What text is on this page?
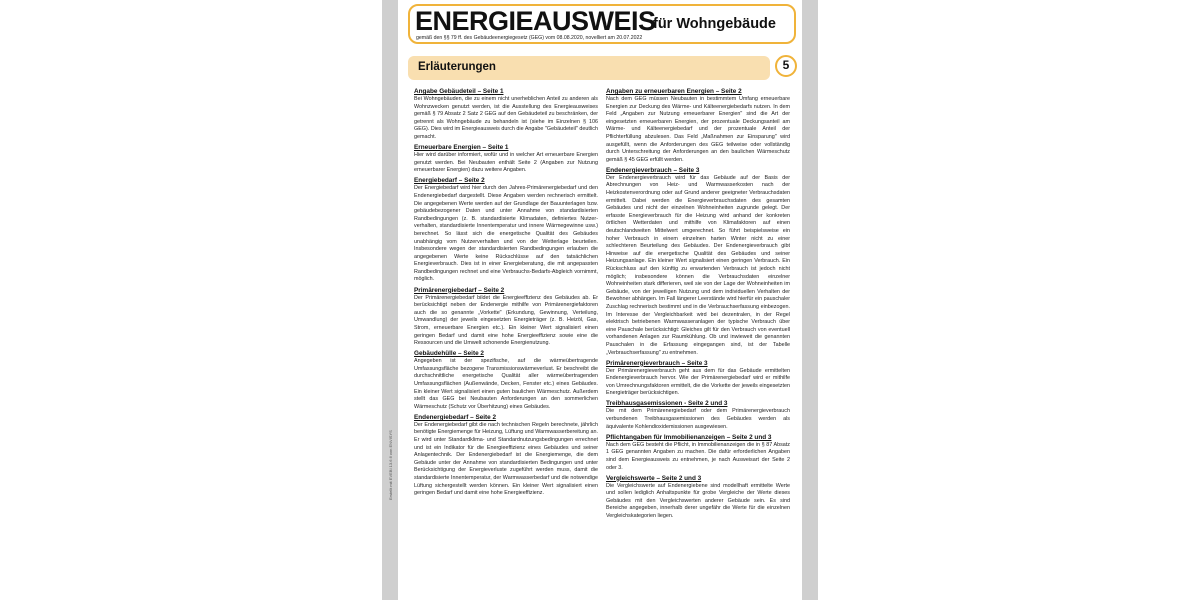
ENERGIEAUSWEIS
für Wohngebäude
gemäß den §§ 79 ff. des Gebäudeenergiegesetz (GEG) vom 08.08.2020, novelliert am 20.07.2022
Erläuterungen	5
Angabe Gebäudeteil – Seite 1

Bei Wohngebäuden, die zu einem nicht unerheblichen Anteil zu anderen als Wohnzwecken genutzt werden, ist die Ausstellung des Energieausweises gemäß § 79 Absatz 2 Satz 2 GEG auf den Gebäudeteil zu beschränken, der getrennt als Wohngebäude zu behandeln ist (siehe im Einzelnen § 106 GEG). Dies wird im Energieausweis durch die Angabe "Gebäudeteil" deutlich gemacht.

Erneuerbare Energien – Seite 1

Hier wird darüber informiert, wofür und in welcher Art erneuerbare Energien genutzt werden. Bei Neubauten enthält Seite 2 (Angaben zur Nutzung erneuerbarer Energien) dazu weitere Angaben.

Energiebedarf – Seite 2

Der Energiebedarf wird hier durch den Jahres-Primärenergiebedarf und den Endenergiebedarf dargestellt. Diese Angaben werden rechnerisch ermittelt. Die angegebenen Werte werden auf der Grundlage der Bauunterlagen bzw. gebäudebezogener Daten und unter Annahme von standardisierten Randbedingungen (z. B. standardisierte Klimadaten, definiertes Nutzer-verhalten, standardisierte Innentemperatur und innere Wärmegewinne usw.) berechnet. So lässt sich die energetische Qualität des Gebäudes unabhängig vom Nutzerverhalten und von der Wetterlage beurteilen. Insbesondere wegen der standardisierten Randbedingungen erlauben die angegebenen Werte keine Rückschlüsse auf den tatsächlichen Energieverbrauch. Dies ist in einer Energieberatung, die mit angepassten Randbedingungen rechnet und eine Verbrauchs-Bedarfs-Abgleich vornimmt, möglich.

Primärenergiebedarf – Seite 2

Der Primärenergiebedarf bildet die Energieeffizienz des Gebäudes ab. Er berücksichtigt neben der Endenergie mithilfe von Primärenergiefaktoren auch die so genannte „Vorkette" (Erkundung, Gewinnung, Verteilung, Umwandlung) der jeweils eingesetzten Energieträger (z. B. Heizöl, Gas, Strom, erneuerbare Energien etc.). Ein kleiner Wert signalisiert einen geringen Bedarf und damit eine hohe Energieeffizienz sowie eine die Ressourcen und die Umwelt schonende Energienutzung.

Gebäudehülle – Seite 2

Angegeben ist der spezifische, auf die wärmeübertragende Umfassungsfläche bezogene Transmissionswärmeverlust. Er beschreibt die durchschnittliche energetische Qualität aller wärmeübertragenden Umfassungsflächen (Außenwände, Decken, Fenster etc.) eines Gebäudes. Ein kleiner Wert signalisiert einen guten baulichen Wärmeschutz. Außerdem stellt das GEG bei Neubauten Anforderungen an den sommerlichen Wärmeschutz (Schutz vor Überhitzung) eines Gebäudes.

Endenergiebedarf – Seite 2

Der Endenergiebedarf gibt die nach technischen Regeln berechnete, jährlich benötigte Energiemenge für Heizung, Lüftung und Warmwasserbereitung an. Er wird unter Standardklima- und Standardnutzungsbedingungen errechnet und ist ein Indikator für die Energieeffizienz eines Gebäudes und seiner Anlagentechnik. Der Endenergiebedarf ist die Energiemenge, die dem Gebäude unter der Annahme von standardisierten Bedingungen und unter Berücksichtigung der Energieverluste zugeführt werden muss, damit die standardisierte Innentemperatur, der Warmwasserbedarf und die notwendige Lüftung sichergestellt werden können. Ein kleiner Wert signalisiert einen geringen Bedarf und damit eine hohe Energieeffizienz.

Angaben zu erneuerbaren Energien – Seite 2

Nach dem GEG müssen Neubauten in bestimmtem Umfang erneuerbare Energien zur Deckung des Wärme- und Kälteenergiebedarfs nutzen. In dem Feld „Angaben zur Nutzung erneuerbarer Energien" sind die Art der eingesetzten erneuerbaren Energien, der prozentuale Deckungsanteil am Wärme- und Kälteenergiebedarf und der prozentuale Anteil der Pflichterfüllung abzulesen. Das Feld „Maßnahmen zur Einsparung" wird ausgefüllt, wenn die Anforderungen des GEG teilweise oder vollständig durch Unterschreitung der Anforderungen an den baulichen Wärmeschutz gemäß § 45 GEG erfüllt werden.

Endenergieverbrauch – Seite 3

Der Endenergieverbrauch wird für das Gebäude auf der Basis der Abrechnungen von Heiz- und Warmwasserkosten nach der Heizkostenverordnung oder auf Grund anderer geeigneter Verbrauchsdaten ermittelt. Dabei werden die Energieverbrauchsdaten des gesamten Gebäudes und nicht der einzelnen Wohneinheiten zugrunde gelegt. Der erfasste Energieverbrauch für die Heizung wird anhand der konkreten örtlichen Wetterdaten und mithilfe von Klimafaktoren auf einen deutschlandweiten Mittelwert umgerechnet. So führt beispielsweise ein hoher Verbrauch in einem einzelnen harten Winter nicht zu einer schlechteren Beurteilung des Gebäudes. Der Endenergieverbrauch gibt Hinweise auf die energetische Qualität des Gebäudes und seiner Heizungsanlage. Ein kleiner Wert signalisiert einen geringen Verbrauch. Ein Rückschluss auf den künftig zu erwartenden Verbrauch ist jedoch nicht möglich; insbesondere können die Verbrauchsdaten einzelner Wohneinheiten stark differieren, weil sie von der Lage der Wohneinheiten im Gebäude, von der jeweiligen Nutzung und dem individuellen Verhalten der Bewohner abhängen. Im Fall längerer Leerstände wird hierfür ein pauschaler Zuschlag rechnerisch bestimmt und in die Verbrauchserfassung einbezogen. Im Interesse der Vergleichbarkeit wird bei dezentralen, in der Regel elektrisch betriebenen Warmwasseranlagen der typische Verbrauch über eine Pauschale berücksichtigt: Gleiches gilt für den Verbrauch von eventuell vorhandenen Anlagen zur Raumkühlung. Ob und inwieweit die genannten Pauschalen in die Erfassung eingegangen sind, ist der Tabelle „Verbrauchserfassung" zu entnehmen.

Primärenergieverbrauch – Seite 3

Der Primärenergieverbrauch geht aus dem für das Gebäude ermittelten Endenergieverbrauch hervor. Wie der Primärenergiebedarf wird er mithilfe von Umrechnungsfaktoren ermittelt, die die Vorkette der jeweils eingesetzten Energieträger berücksichtigen.

Treibhausgasemissionen - Seite 2 und 3

Die mit dem Primärenergiebedarf oder dem Primärenergieverbrauch verbundenen Treibhausgasemissionen des Gebäudes werden als äquivalente Kohlendioxidemissionen ausgewiesen.

Pflichtangaben für Immobilienanzeigen – Seite 2 und 3

Nach dem GEG besteht die Pflicht, in Immobilienanzeigen die in § 87 Absatz 1 GEG genannten Angaben zu machen. Die dafür erforderlichen Angaben sind dem Energieausweis zu entnehmen, je nach Ausweisart der Seite 2 oder 3.

Vergleichswerte – Seite 2 und 3

Die Vergleichswerte auf Endenergiebene sind modellhaft ermittelte Werte und sollen lediglich Anhaltspunkte für grobe Vergleiche der Werte dieses Gebäudes mit den Vergleichswerten anderer Gebäude sein. Es sind Bereiche angegeben, innerhalb derer ungefähr die Werte für die einzelnen Vergleichskategorien liegen.

Erstellt mit EVEBI 13.6.6 von ENVISYS
